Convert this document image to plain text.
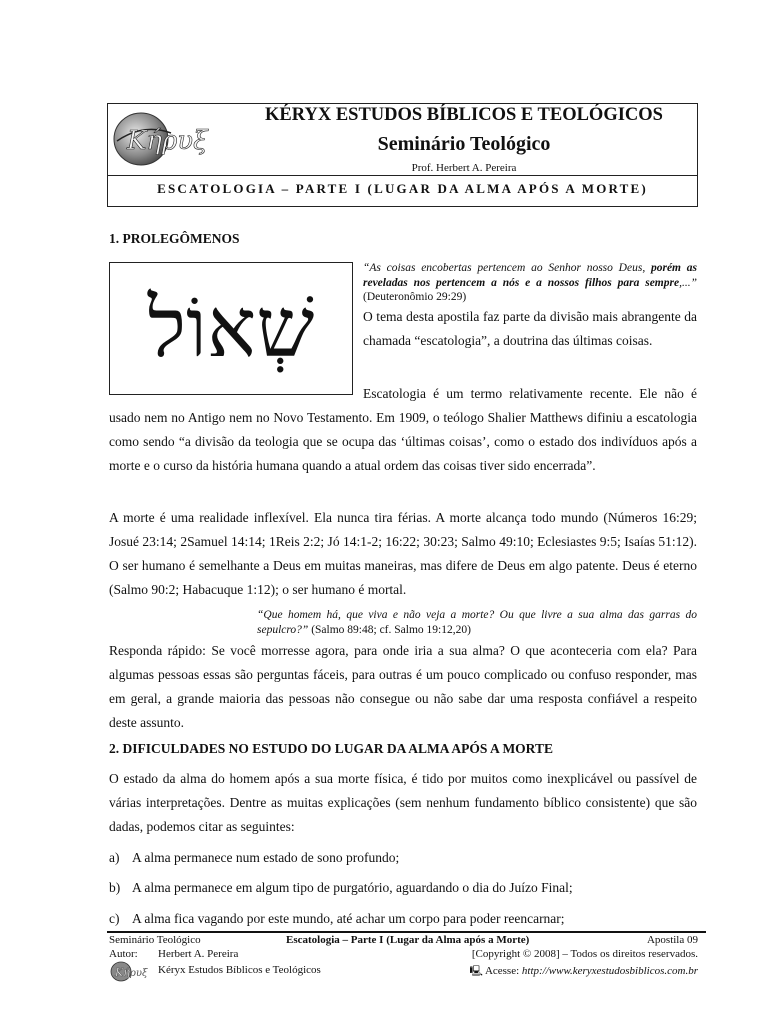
Κήρυξ
KÉRYX ESTUDOS BÍBLICOS E TEOLÓGICOS
Seminário Teológico
Prof. Herbert A. Pereira
ESCATOLOGIA – PARTE I (LUGAR DA ALMA APÓS A MORTE)
1. PROLEGÔMENOS
שְׁאוֹל
“As coisas encobertas pertencem ao Senhor nosso Deus, porém as reveladas nos pertencem a nós e a nossos filhos para sempre,...” (Deuteronômio 29:29)
O tema desta apostila faz parte da divisão mais abrangente da chamada “escatologia”, a doutrina das últimas coisas.
Escatologia é um termo relativamente recente. Ele não é usado nem no Antigo nem no Novo Testamento. Em 1909, o teólogo Shalier Matthews difiniu a escatologia como sendo “a divisão da teologia que se ocupa das ‘últimas coisas’, como o estado dos indivíduos após a morte e o curso da história humana quando a atual ordem das coisas tiver sido encerrada”.
A morte é uma realidade inflexível. Ela nunca tira férias. A morte alcança todo mundo (Números 16:29; Josué 23:14; 2Samuel 14:14; 1Reis 2:2; Jó 14:1-2; 16:22; 30:23; Salmo 49:10; Eclesiastes 9:5; Isaías 51:12). O ser humano é semelhante a Deus em muitas maneiras, mas difere de Deus em algo patente. Deus é eterno (Salmo 90:2; Habacuque 1:12); o ser humano é mortal.
“Que homem há, que viva e não veja a morte? Ou que livre a sua alma das garras do sepulcro?” (Salmo 89:48; cf. Salmo 19:12,20)
Responda rápido: Se você morresse agora, para onde iria a sua alma? O que aconteceria com ela? Para algumas pessoas essas são perguntas fáceis, para outras é um pouco complicado ou confuso responder, mas em geral, a grande maioria das pessoas não consegue ou não sabe dar uma resposta confiável a respeito deste assunto.
2. DIFICULDADES NO ESTUDO DO LUGAR DA ALMA APÓS A MORTE
O estado da alma do homem após a sua morte física, é tido por muitos como inexplicável ou passível de várias interpretações. Dentre as muitas explicações (sem nenhum fundamento bíblico consistente) que são dadas, podemos citar as seguintes:
a) A alma permanece num estado de sono profundo;
b) A alma permanece em algum tipo de purgatório, aguardando o dia do Juízo Final;
c) A alma fica vagando por este mundo, até achar um corpo para poder reencarnar;
Seminário Teológico	Escatologia – Parte I (Lugar da Alma após a Morte)	Apostila 09
Autor: Herbert A. Pereira	[Copyright © 2008] – Todos os direitos reservados.
Κή ρυξ Kéryx Estudos Bíblicos e Teológicos	🖳 Acesse: http://www.keryxestudosbiblicos.com.br
